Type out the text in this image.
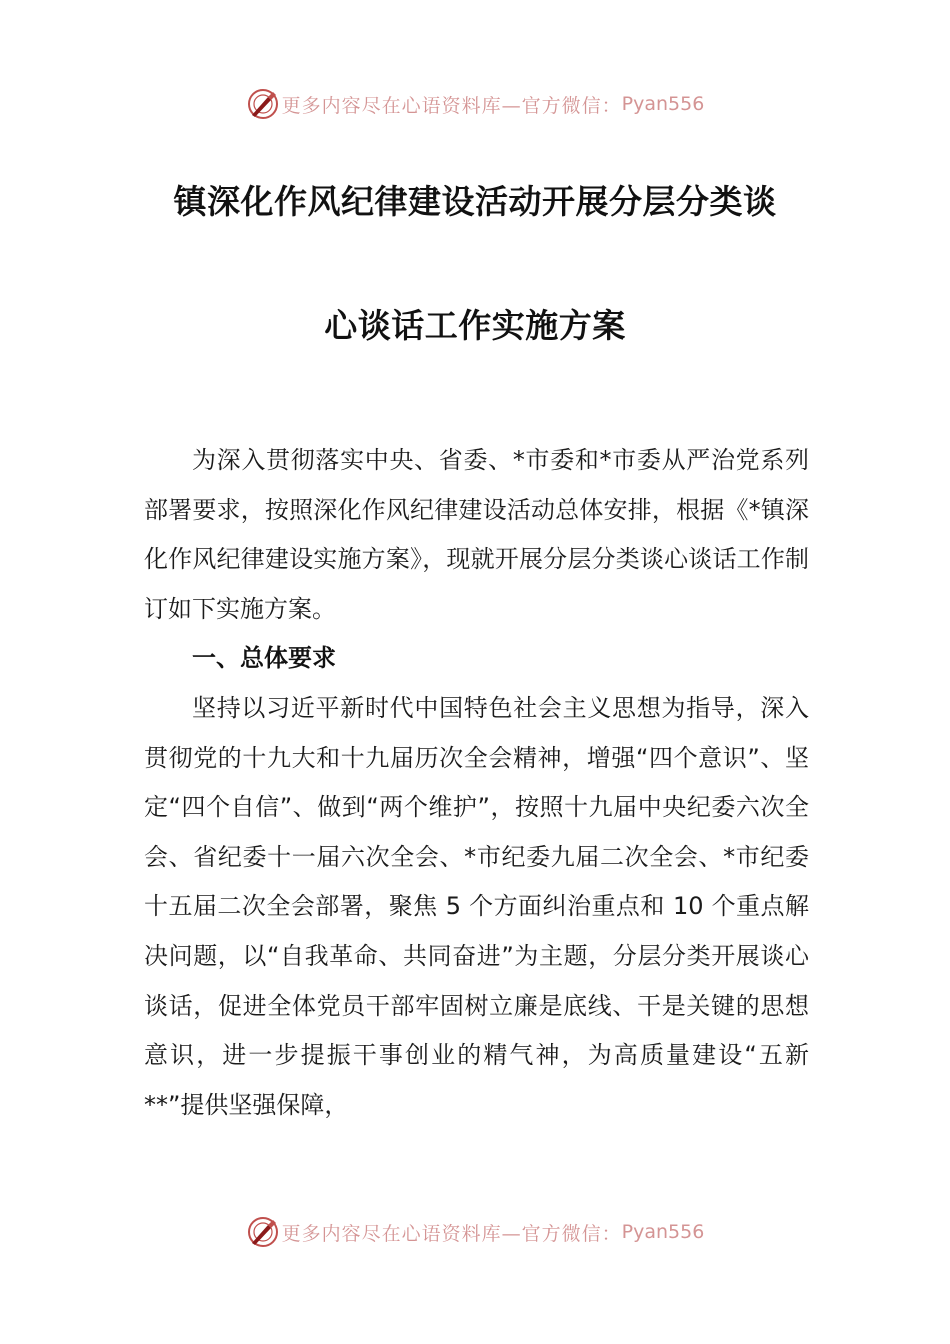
更多内容尽在心语资料库—官方微信： Pyan556
镇深化作风纪律建设活动开展分层分类谈
心谈话工作实施方案

为深入贯彻落实中央、省委、*市委和*市委从严治党系列部署要求，按照深化作风纪律建设活动总体安排，根据《*镇深化作风纪律建设实施方案》，现就开展分层分类谈心谈话工作制订如下实施方案。

一、总体要求

坚持以习近平新时代中国特色社会主义思想为指导，深入贯彻党的十九大和十九届历次全会精神，增强“四个意识”、坚定“四个自信”、做到“两个维护”，按照十九届中央纪委六次全会、省纪委十一届六次全会、*市纪委九届二次全会、*市纪委十五届二次全会部署，聚焦 5 个方面纠治重点和 10 个重点解决问题，以“自我革命、共同奋进”为主题，分层分类开展谈心谈话，促进全体党员干部牢固树立廉是底线、干是关键的思想意识，进一步提振干事创业的精气神，为高质量建设“五新**”提供坚强保障，

更多内容尽在心语资料库—官方微信： Pyan556
